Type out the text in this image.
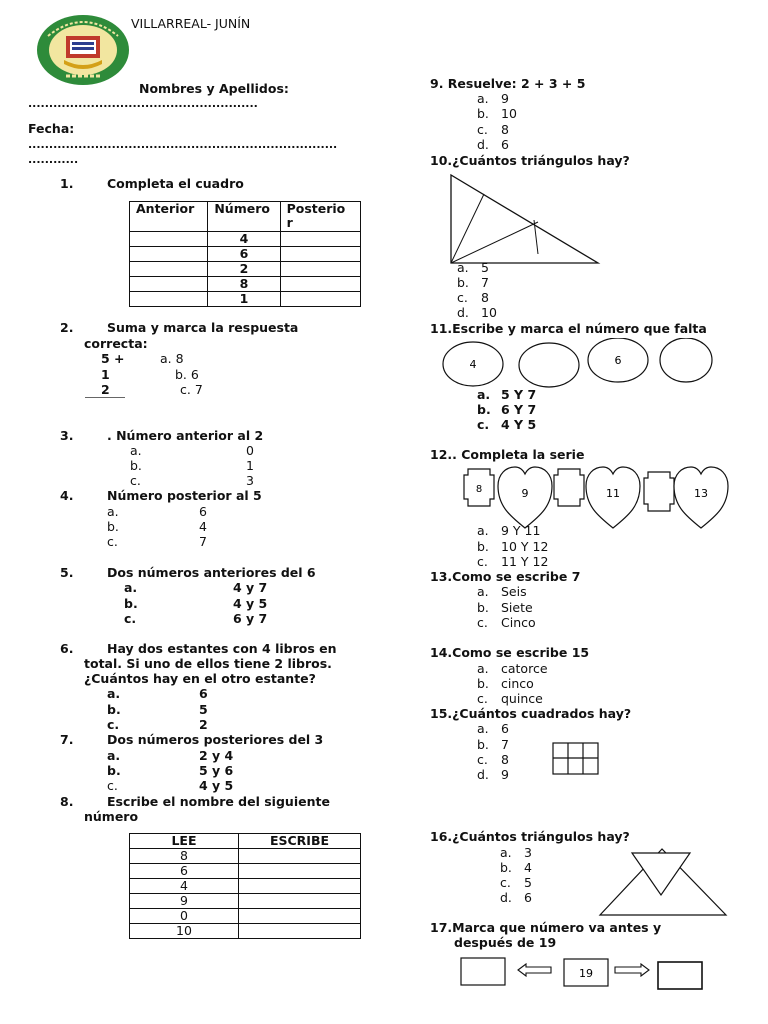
VILLARREAL- JUNÍN
Nombres y Apellidos:
.......................................................
Fecha:
..........................................................................
............
1.	Completa el cuadro
Anterior	Número	Posterio r
	4	
	6	
	2	
	8	
	1	
2.	Suma y marca la respuesta
correcta:
5 +
1
2
a. 8
b. 6
c. 7
3.	. Número anterior al 2
a.	0
b.	1
c.	3
4.	Número posterior al 5
a.	6
b.	4
c.	7
5.	Dos números anteriores del 6
a.	4 y 7
b.	4 y 5
c.	6 y 7
6.	Hay dos estantes con 4 libros en
total. Si uno de ellos tiene 2 libros.
¿Cuántos hay en el otro estante?
a.	6
b.	5
c.	2
7.	Dos números posteriores del 3
a.	2 y 4
b.	5 y 6
c.	4 y 5
8.	Escribe el nombre del siguiente
número
LEE	ESCRIBE
8	
6	
4	
9	
0	
10	
9. Resuelve: 2 + 3 + 5
a. 9
b. 10
c. 8
d. 6
10.¿Cuántos triángulos hay?
a. 5
b. 7
c. 8
d. 10
11.Escribe y marca el número que falta
4	6
a. 5 Y 7
b. 6 Y 7
c. 4 Y 5
12.. Completa la serie
8	9	11	13
a. 9 Y 11
b. 10 Y 12
c. 11 Y 12
13.Como se escribe 7
a. Seis
b. Siete
c. Cinco
14.Como se escribe 15
a. catorce
b. cinco
c. quince
15.¿Cuántos cuadrados hay?
a. 6
b. 7
c. 8
d. 9
16.¿Cuántos triángulos hay?
a. 3
b. 4
c. 5
d. 6
17.Marca que número va antes y
después de 19
19
